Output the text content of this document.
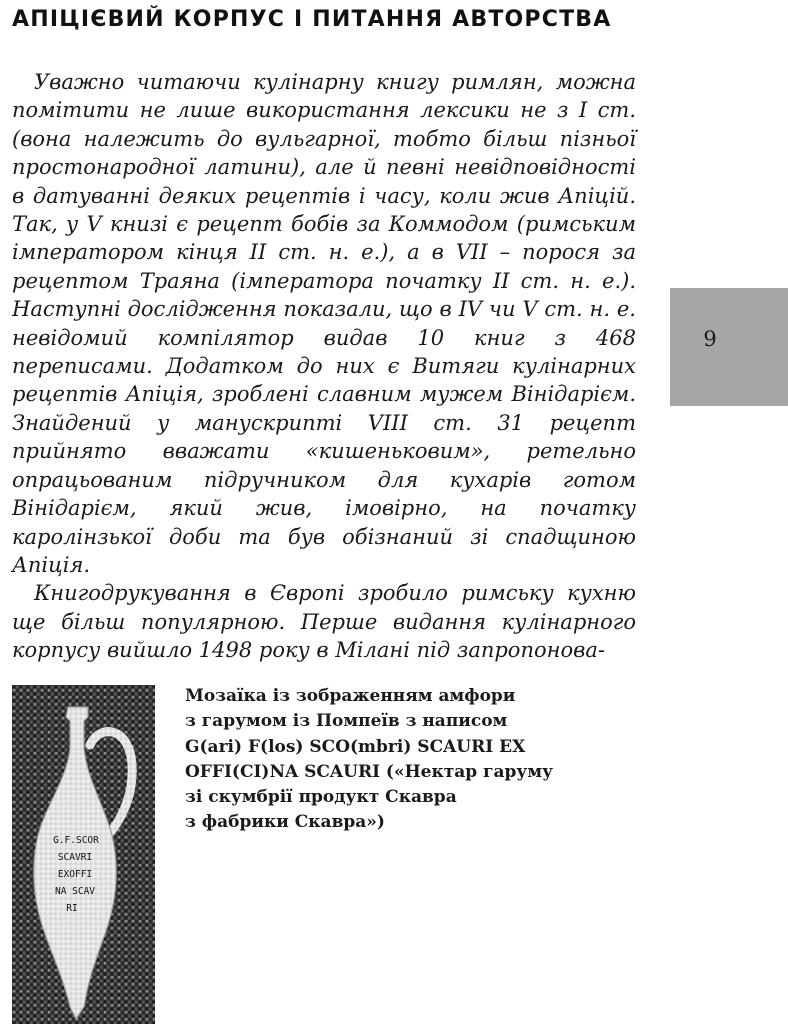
АПІЦІЄВИЙ КОРПУС І ПИТАННЯ АВТОРСТВА

Уважно читаючи кулінарну книгу римлян, можна помітити не лише використання лексики не з І ст. (вона належить до вульгарної, тобто більш пізньої простонародної латини), але й певні невідповідності в датуванні деяких рецептів і часу, коли жив Апіцій. Так, у V книзі є рецепт бобів за Коммодом (римським імператором кінця ІІ ст. н. е.), а в VII – порося за рецептом Траяна (імператора початку ІІ ст. н. е.). Наступні дослідження показали, що в IV чи V ст. н. е. невідомий компілятор видав 10 книг з 468 переписами. Додатком до них є Витяги кулінарних рецептів Апіція, зроблені славним мужем Вінідарієм. Знайдений у манускрипті VIII ст. 31 рецепт прийнято вважати «кишеньковим», ретельно опрацьованим підручником для кухарів готом Вінідарієм, який жив, імовірно, на початку каролінзької доби та був обізнаний зі спадщиною Апіція.

Книгодрукування в Європі зробило римську кухню ще більш популярною. Перше видання кулінарного корпусу вийшло 1498 року в Мілані під запропонова-

9
G.F.SCOR
SCAVRI
EXOFFI
NA SCAV
RI
Мозаїка із зображенням амфори
з гарумом із Помпеїв з написом
G(ari) F(los) SCO(mbri) SCAURI EX
OFFI(CI)NA SCAURI («Нектар гаруму
зі скумбрії продукт Скавра
з фабрики Скавра»)
